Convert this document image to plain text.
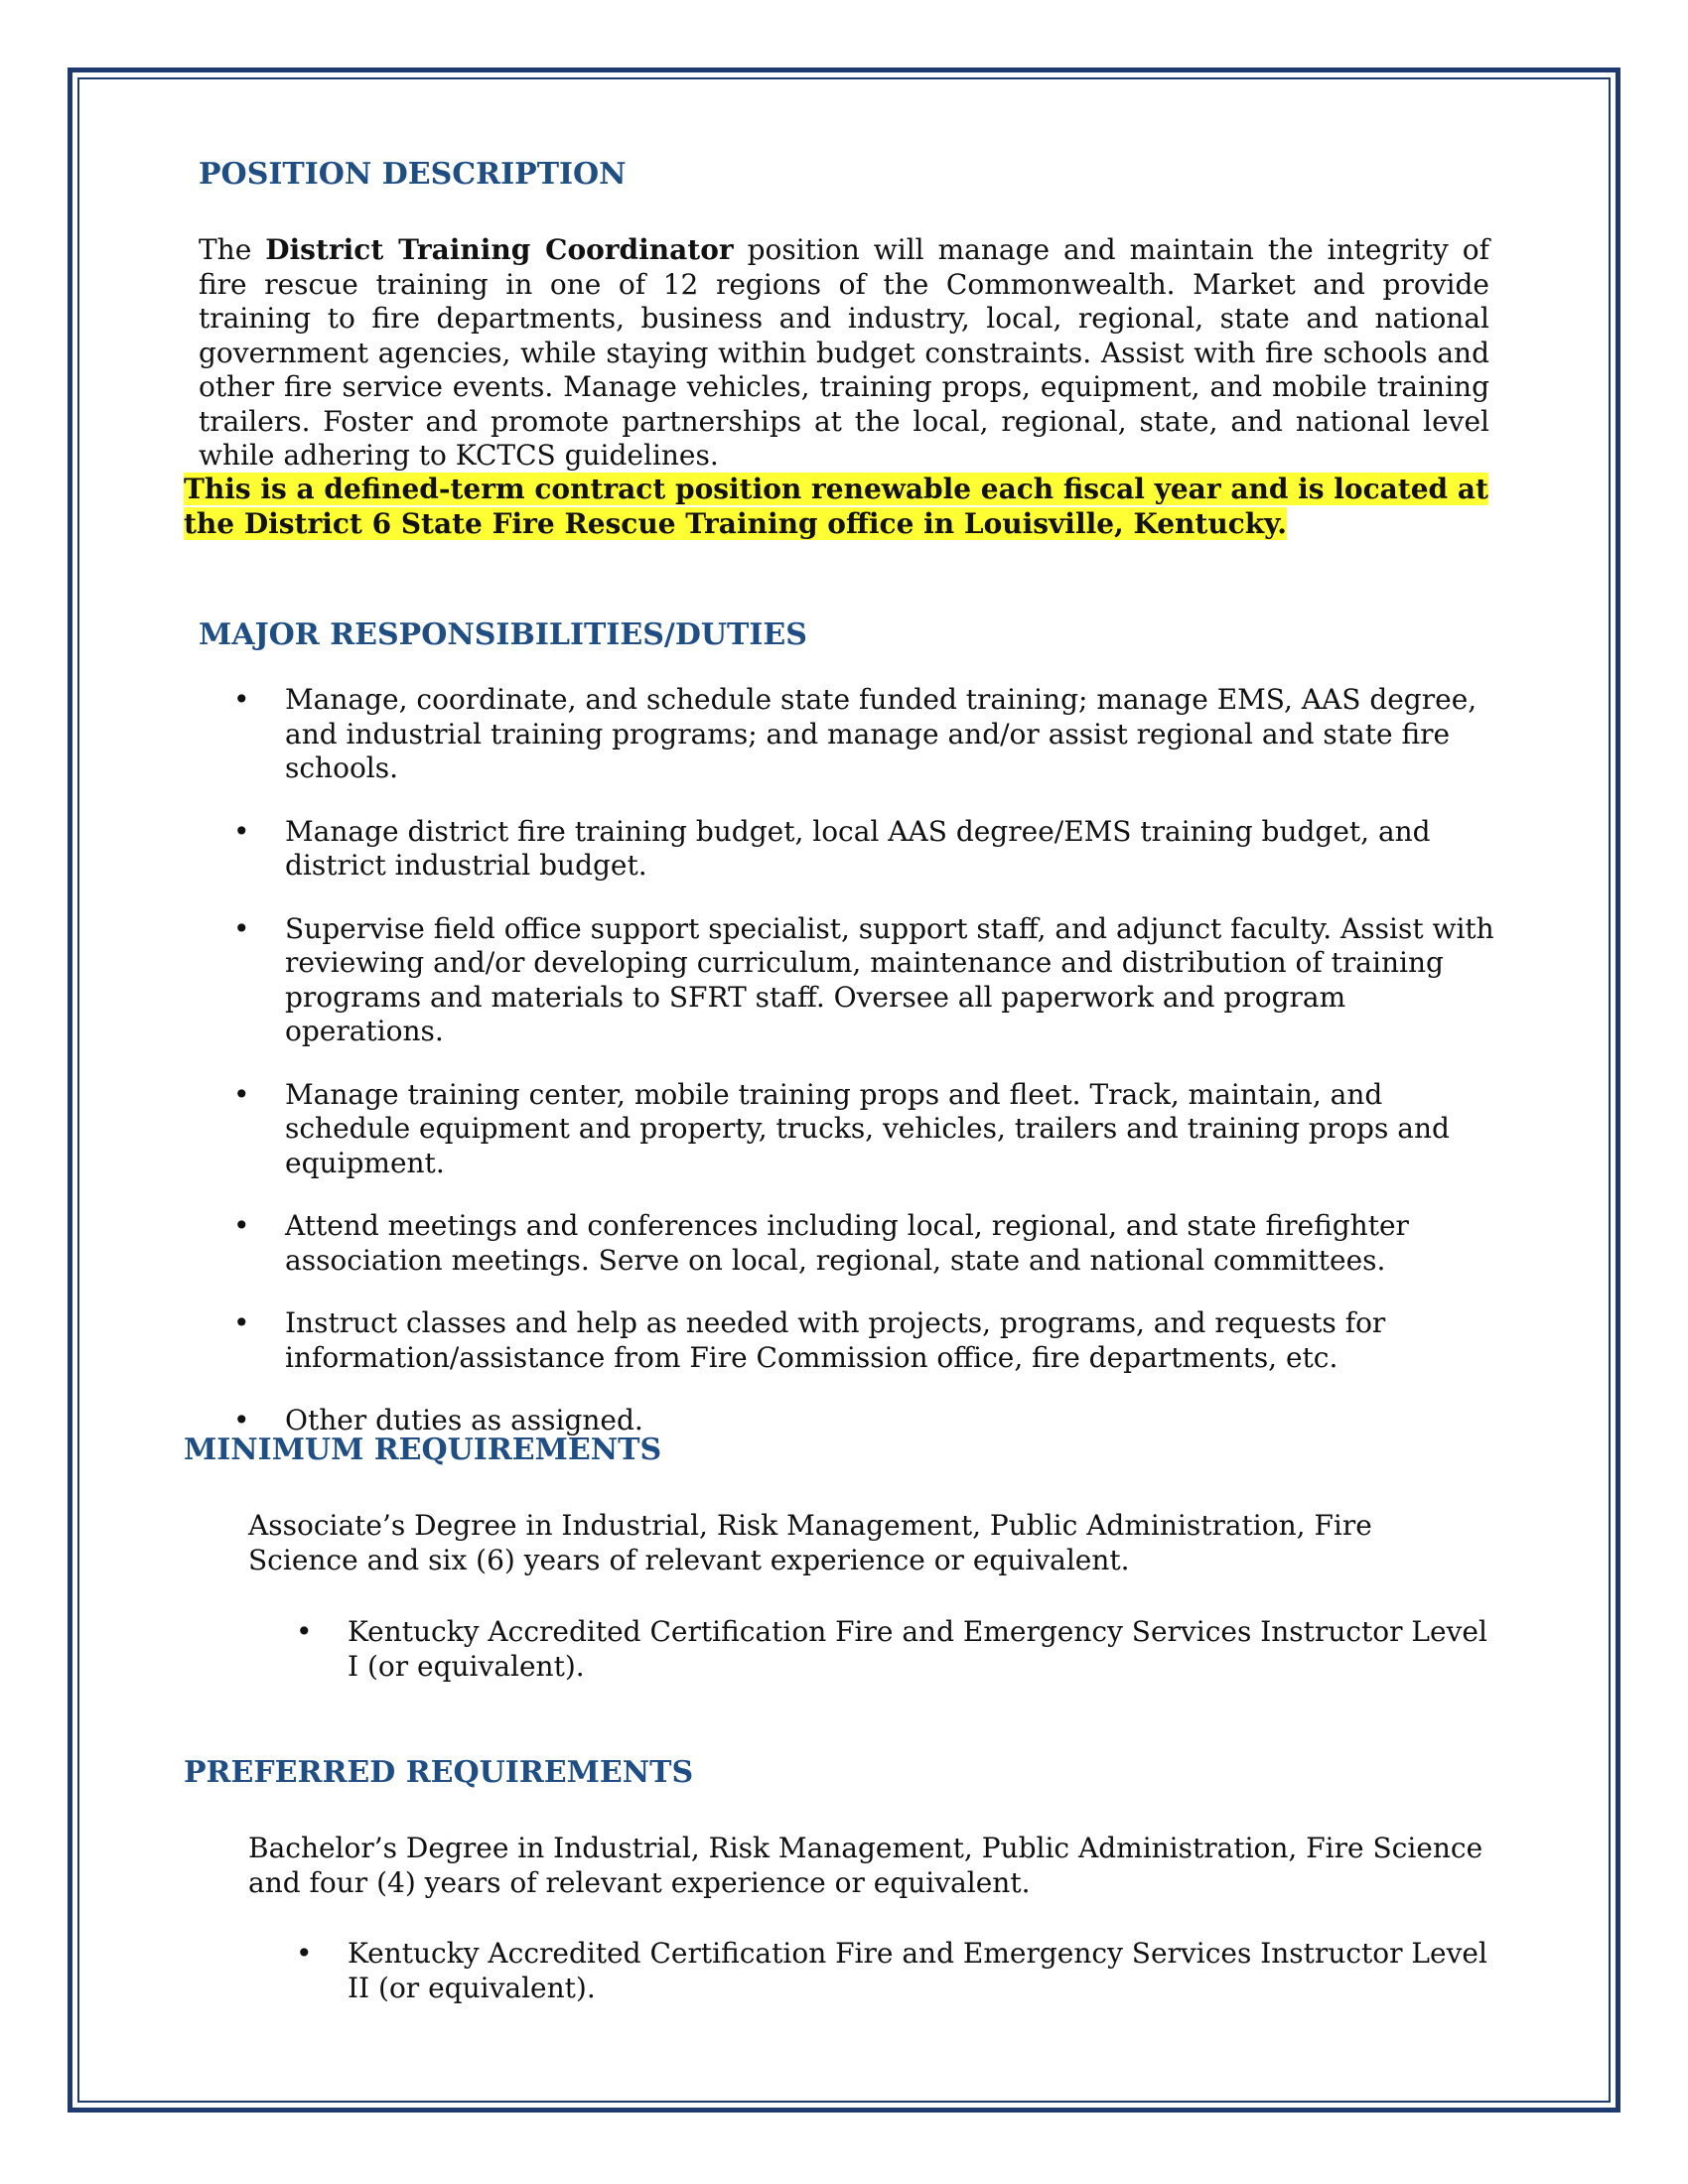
POSITION DESCRIPTION

The District Training Coordinator position will manage and maintain the integrity of fire rescue training in one of 12 regions of the Commonwealth. Market and provide training to fire departments, business and industry, local, regional, state and national government agencies, while staying within budget constraints. Assist with fire schools and other fire service events. Manage vehicles, training props, equipment, and mobile training trailers. Foster and promote partnerships at the local, regional, state, and national level while adhering to KCTCS guidelines.

This is a defined-term contract position renewable each fiscal year and is located at
the District 6 State Fire Rescue Training office in Louisville, Kentucky.

MAJOR RESPONSIBILITIES/DUTIES
• Manage, coordinate, and schedule state funded training; manage EMS, AAS degree, and industrial training programs; and manage and/or assist regional and state fire schools.
• Manage district fire training budget, local AAS degree/EMS training budget, and district industrial budget.
• Supervise field office support specialist, support staff, and adjunct faculty. Assist with reviewing and/or developing curriculum, maintenance and distribution of training programs and materials to SFRT staff. Oversee all paperwork and program operations.
• Manage training center, mobile training props and fleet. Track, maintain, and schedule equipment and property, trucks, vehicles, trailers and training props and equipment.
• Attend meetings and conferences including local, regional, and state firefighter association meetings. Serve on local, regional, state and national committees.
• Instruct classes and help as needed with projects, programs, and requests for information/assistance from Fire Commission office, fire departments, etc.
• Other duties as assigned.
MINIMUM REQUIREMENTS

Associate’s Degree in Industrial, Risk Management, Public Administration, Fire Science and six (6) years of relevant experience or equivalent.

• Kentucky Accredited Certification Fire and Emergency Services Instructor Level I (or equivalent).
PREFERRED REQUIREMENTS

Bachelor’s Degree in Industrial, Risk Management, Public Administration, Fire Science and four (4) years of relevant experience or equivalent.

• Kentucky Accredited Certification Fire and Emergency Services Instructor Level II (or equivalent).
